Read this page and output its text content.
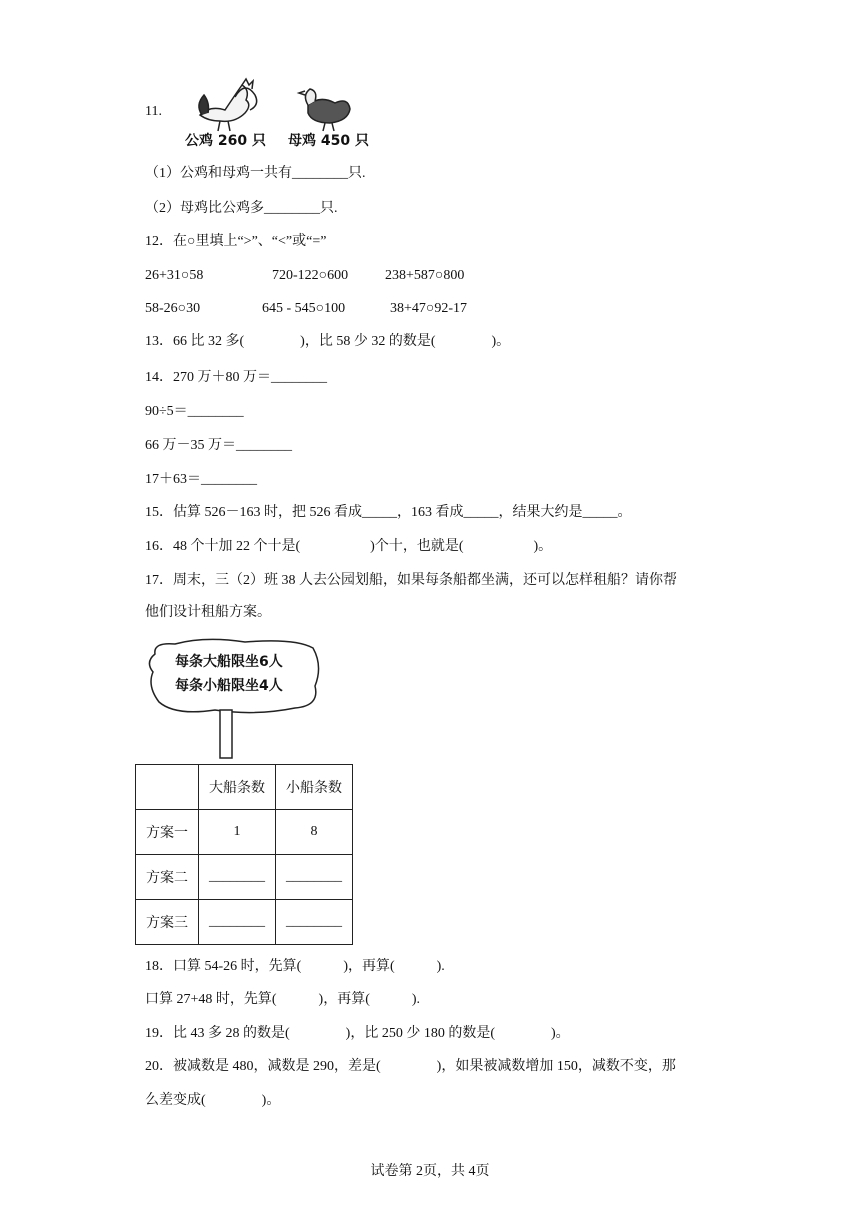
11.
公鸡 260 只 母鸡 450 只
（1）公鸡和母鸡一共有________只.
（2）母鸡比公鸡多________只.
12．在○里填上“>”、“<”或“=”
26+31○58	720-122○600	238+587○800
58-26○30	645 - 545○100	38+47○92-17
13．66 比 32 多(　　　　)，比 58 少 32 的数是(　　　　)。
14．270 万＋80 万＝________
90÷5＝________
66 万－35 万＝________
17＋63＝________
15．估算 526－163 时，把 526 看成_____，163 看成_____，结果大约是_____。
16．48 个十加 22 个十是(　　　　　)个十，也就是(　　　　　)。
17．周末，三（2）班 38 人去公园划船，如果每条船都坐满，还可以怎样租船？请你帮
他们设计租船方案。
每条大船限坐6人
每条小船限坐4人
	大船条数	小船条数
方案一	1	8
方案二	________	________
方案三	________	________
18．口算 54-26 时，先算(　　　)，再算(　　　).
口算 27+48 时，先算(　　　)，再算(　　　).
19．比 43 多 28 的数是(　　　　)，比 250 少 180 的数是(　　　　)。
20．被减数是 480，减数是 290，差是(　　　　)，如果被减数增加 150，减数不变，那
么差变成(　　　　)。
试卷第 2页，共 4页
